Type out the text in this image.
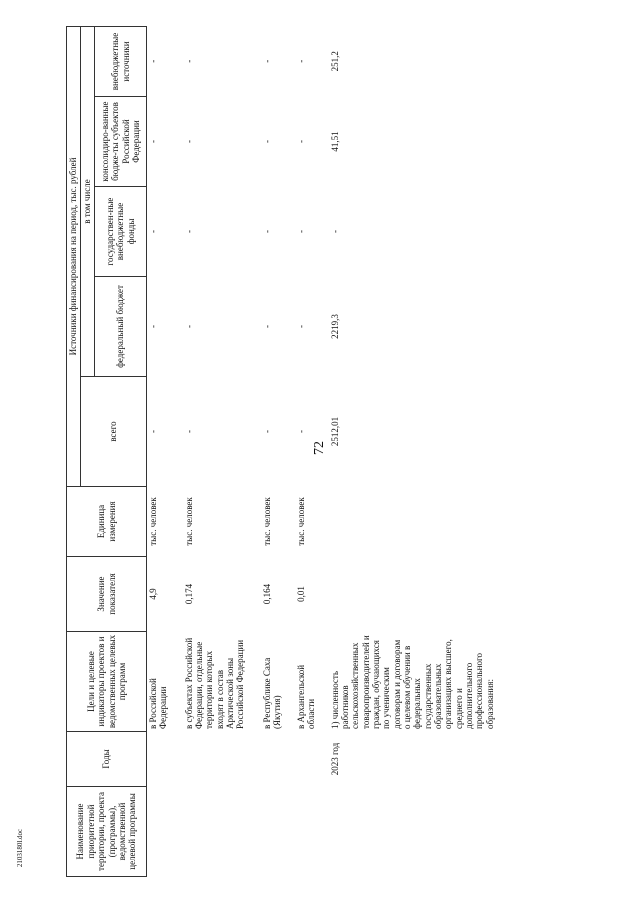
72
2103180l.doc	Наименование приоритетной территории, проекта (программы), ведомственной целевой программы	Годы	Цели и целевые индикаторы проектов и ведомственных целевых программ	Значение показателя	Единица измерения	Источники финансирования на период, тыс. рублей				
					всего	в том числе			
						федеральный бюджет	государствен-ные внебюджетные фонды	консолидиро-ванные бюдже-ты субъектов Российской Федерации	внебюджетные источники
		в Российской Федерации	4,9	тыс. человек	-	-	-	-	-
		в субъектах Российской Федерации, отдельные территории которых входят в состав Арктической зоны Российской Федерации	0,174	тыс. человек	-	-	-	-	-
		в Республике Саха (Якутия)	0,164	тыс. человек	-	-	-	-	-
		в Архангельской области	0,01	тыс. человек	-	-	-	-	-
	2023 год	1) численность работников сельскохозяйственных товаропроизводителей и граждан, обучающихся по ученическим договорам и договорам о целевом обучении в федеральных государственных образовательных организациях высшего, среднего и дополнительного профессионального образования:			2512,01	2219,3	-	41,51	251,2
